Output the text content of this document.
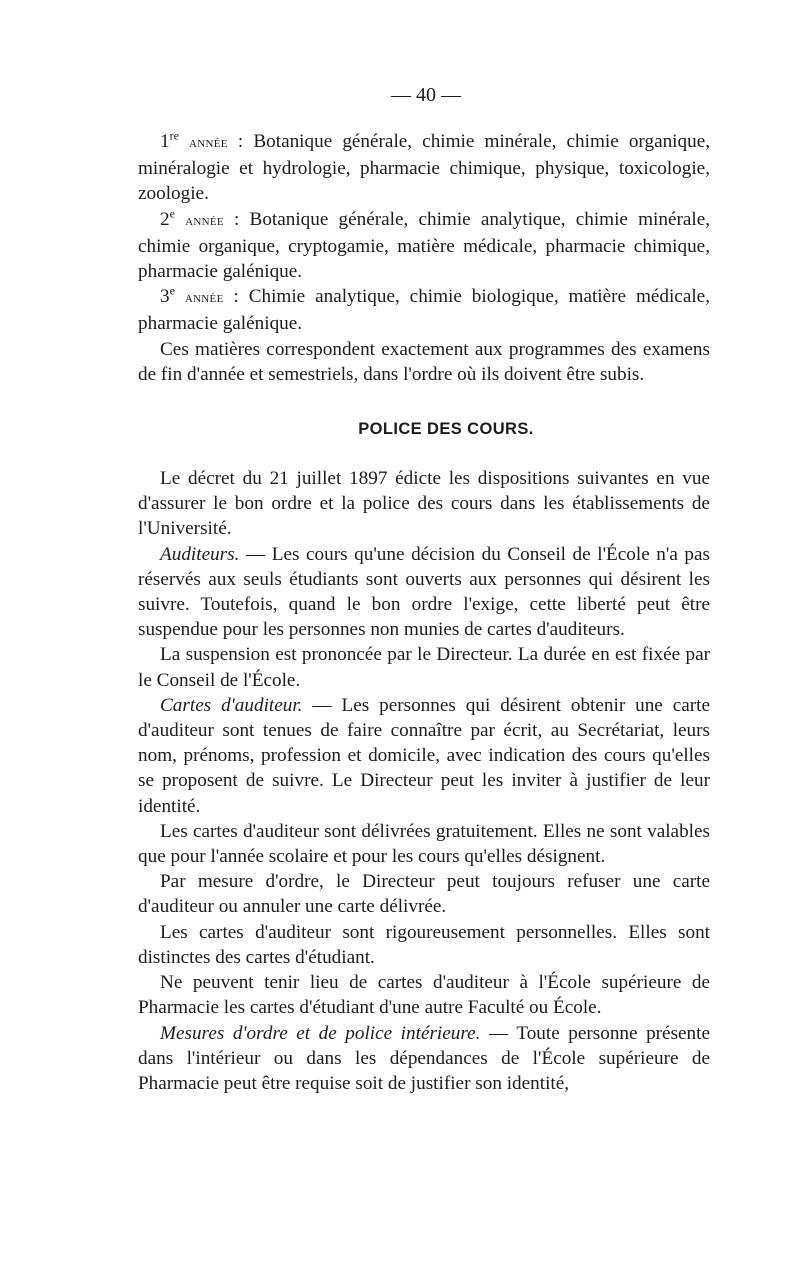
— 40 —

1re année : Botanique générale, chimie minérale, chimie organique, minéralogie et hydrologie, pharmacie chimique, physique, toxicologie, zoologie.

2e année : Botanique générale, chimie analytique, chimie minérale, chimie organique, cryptogamie, matière médicale, pharmacie chimique, pharmacie galénique.

3e année : Chimie analytique, chimie biologique, matière médicale, pharmacie galénique.

Ces matières correspondent exactement aux programmes des examens de fin d'année et semestriels, dans l'ordre où ils doivent être subis.

POLICE DES COURS.

Le décret du 21 juillet 1897 édicte les dispositions suivantes en vue d'assurer le bon ordre et la police des cours dans les établissements de l'Université.

Auditeurs. — Les cours qu'une décision du Conseil de l'École n'a pas réservés aux seuls étudiants sont ouverts aux personnes qui désirent les suivre. Toutefois, quand le bon ordre l'exige, cette liberté peut être suspendue pour les personnes non munies de cartes d'auditeurs.

La suspension est prononcée par le Directeur. La durée en est fixée par le Conseil de l'École.

Cartes d'auditeur. — Les personnes qui désirent obtenir une carte d'auditeur sont tenues de faire connaître par écrit, au Secrétariat, leurs nom, prénoms, profession et domicile, avec indication des cours qu'elles se proposent de suivre. Le Directeur peut les inviter à justifier de leur identité.

Les cartes d'auditeur sont délivrées gratuitement. Elles ne sont valables que pour l'année scolaire et pour les cours qu'elles désignent.

Par mesure d'ordre, le Directeur peut toujours refuser une carte d'auditeur ou annuler une carte délivrée.

Les cartes d'auditeur sont rigoureusement personnelles. Elles sont distinctes des cartes d'étudiant.

Ne peuvent tenir lieu de cartes d'auditeur à l'École supérieure de Pharmacie les cartes d'étudiant d'une autre Faculté ou École.

Mesures d'ordre et de police intérieure. — Toute personne présente dans l'intérieur ou dans les dépendances de l'École supérieure de Pharmacie peut être requise soit de justifier son identité,
